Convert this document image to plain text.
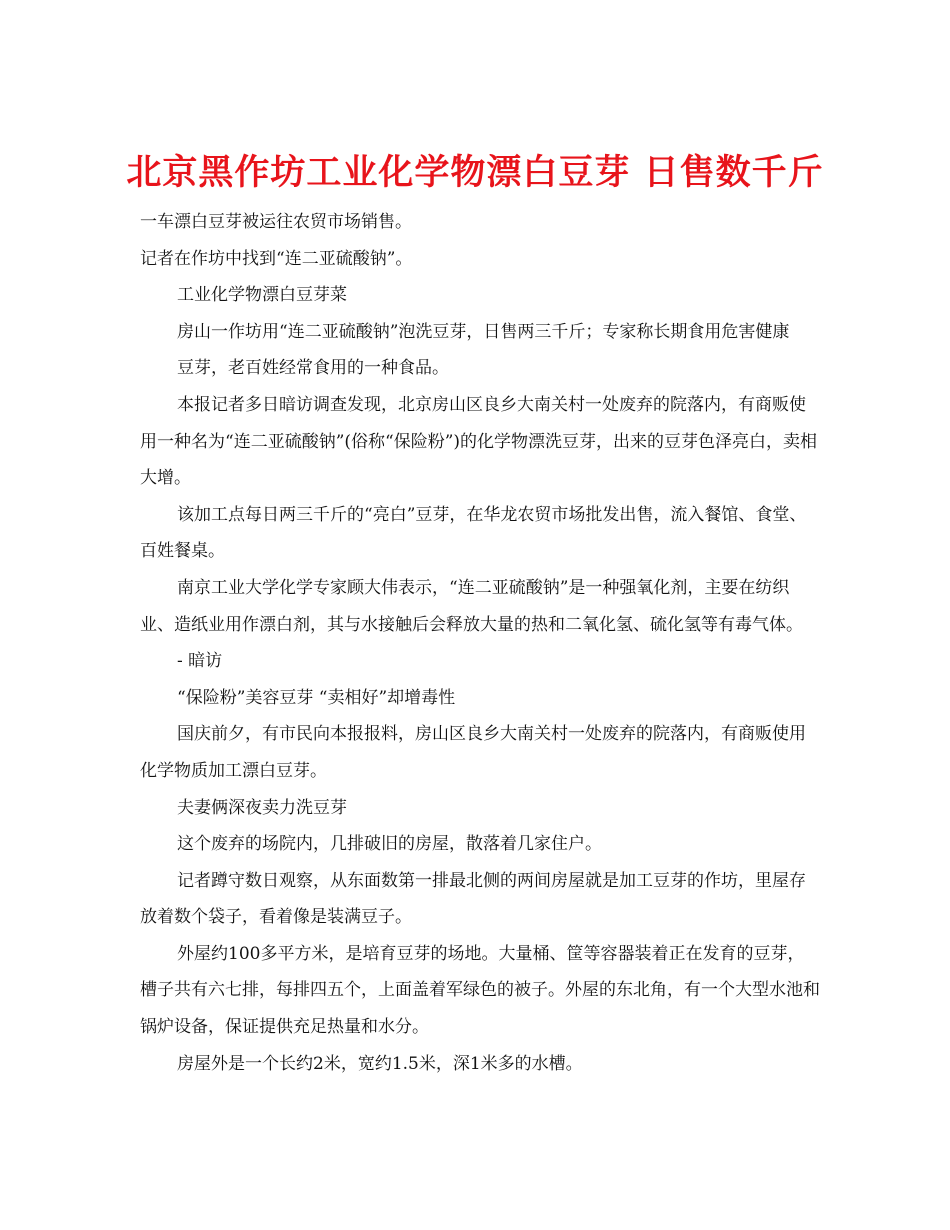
北京黑作坊工业化学物漂白豆芽 日售数千斤

一车漂白豆芽被运往农贸市场销售。

记者在作坊中找到“连二亚硫酸钠”。

工业化学物漂白豆芽菜

房山一作坊用“连二亚硫酸钠”泡洗豆芽，日售两三千斤；专家称长期食用危害健康

豆芽，老百姓经常食用的一种食品。

本报记者多日暗访调查发现，北京房山区良乡大南关村一处废弃的院落内，有商贩使用一种名为“连二亚硫酸钠”(俗称“保险粉”)的化学物漂洗豆芽，出来的豆芽色泽亮白，卖相大增。

该加工点每日两三千斤的“亮白”豆芽，在华龙农贸市场批发出售，流入餐馆、食堂、百姓餐桌。

南京工业大学化学专家顾大伟表示，“连二亚硫酸钠”是一种强氧化剂，主要在纺织业、造纸业用作漂白剂，其与水接触后会释放大量的热和二氧化氢、硫化氢等有毒气体。

- 暗访

“保险粉”美容豆芽 “卖相好”却增毒性

国庆前夕，有市民向本报报料，房山区良乡大南关村一处废弃的院落内，有商贩使用化学物质加工漂白豆芽。

夫妻俩深夜卖力洗豆芽

这个废弃的场院内，几排破旧的房屋，散落着几家住户。

记者蹲守数日观察，从东面数第一排最北侧的两间房屋就是加工豆芽的作坊，里屋存放着数个袋子，看着像是装满豆子。

外屋约100多平方米，是培育豆芽的场地。大量桶、筐等容器装着正在发育的豆芽，槽子共有六七排，每排四五个，上面盖着军绿色的被子。外屋的东北角，有一个大型水池和锅炉设备，保证提供充足热量和水分。

房屋外是一个长约2米，宽约1.5米，深1米多的水槽。
